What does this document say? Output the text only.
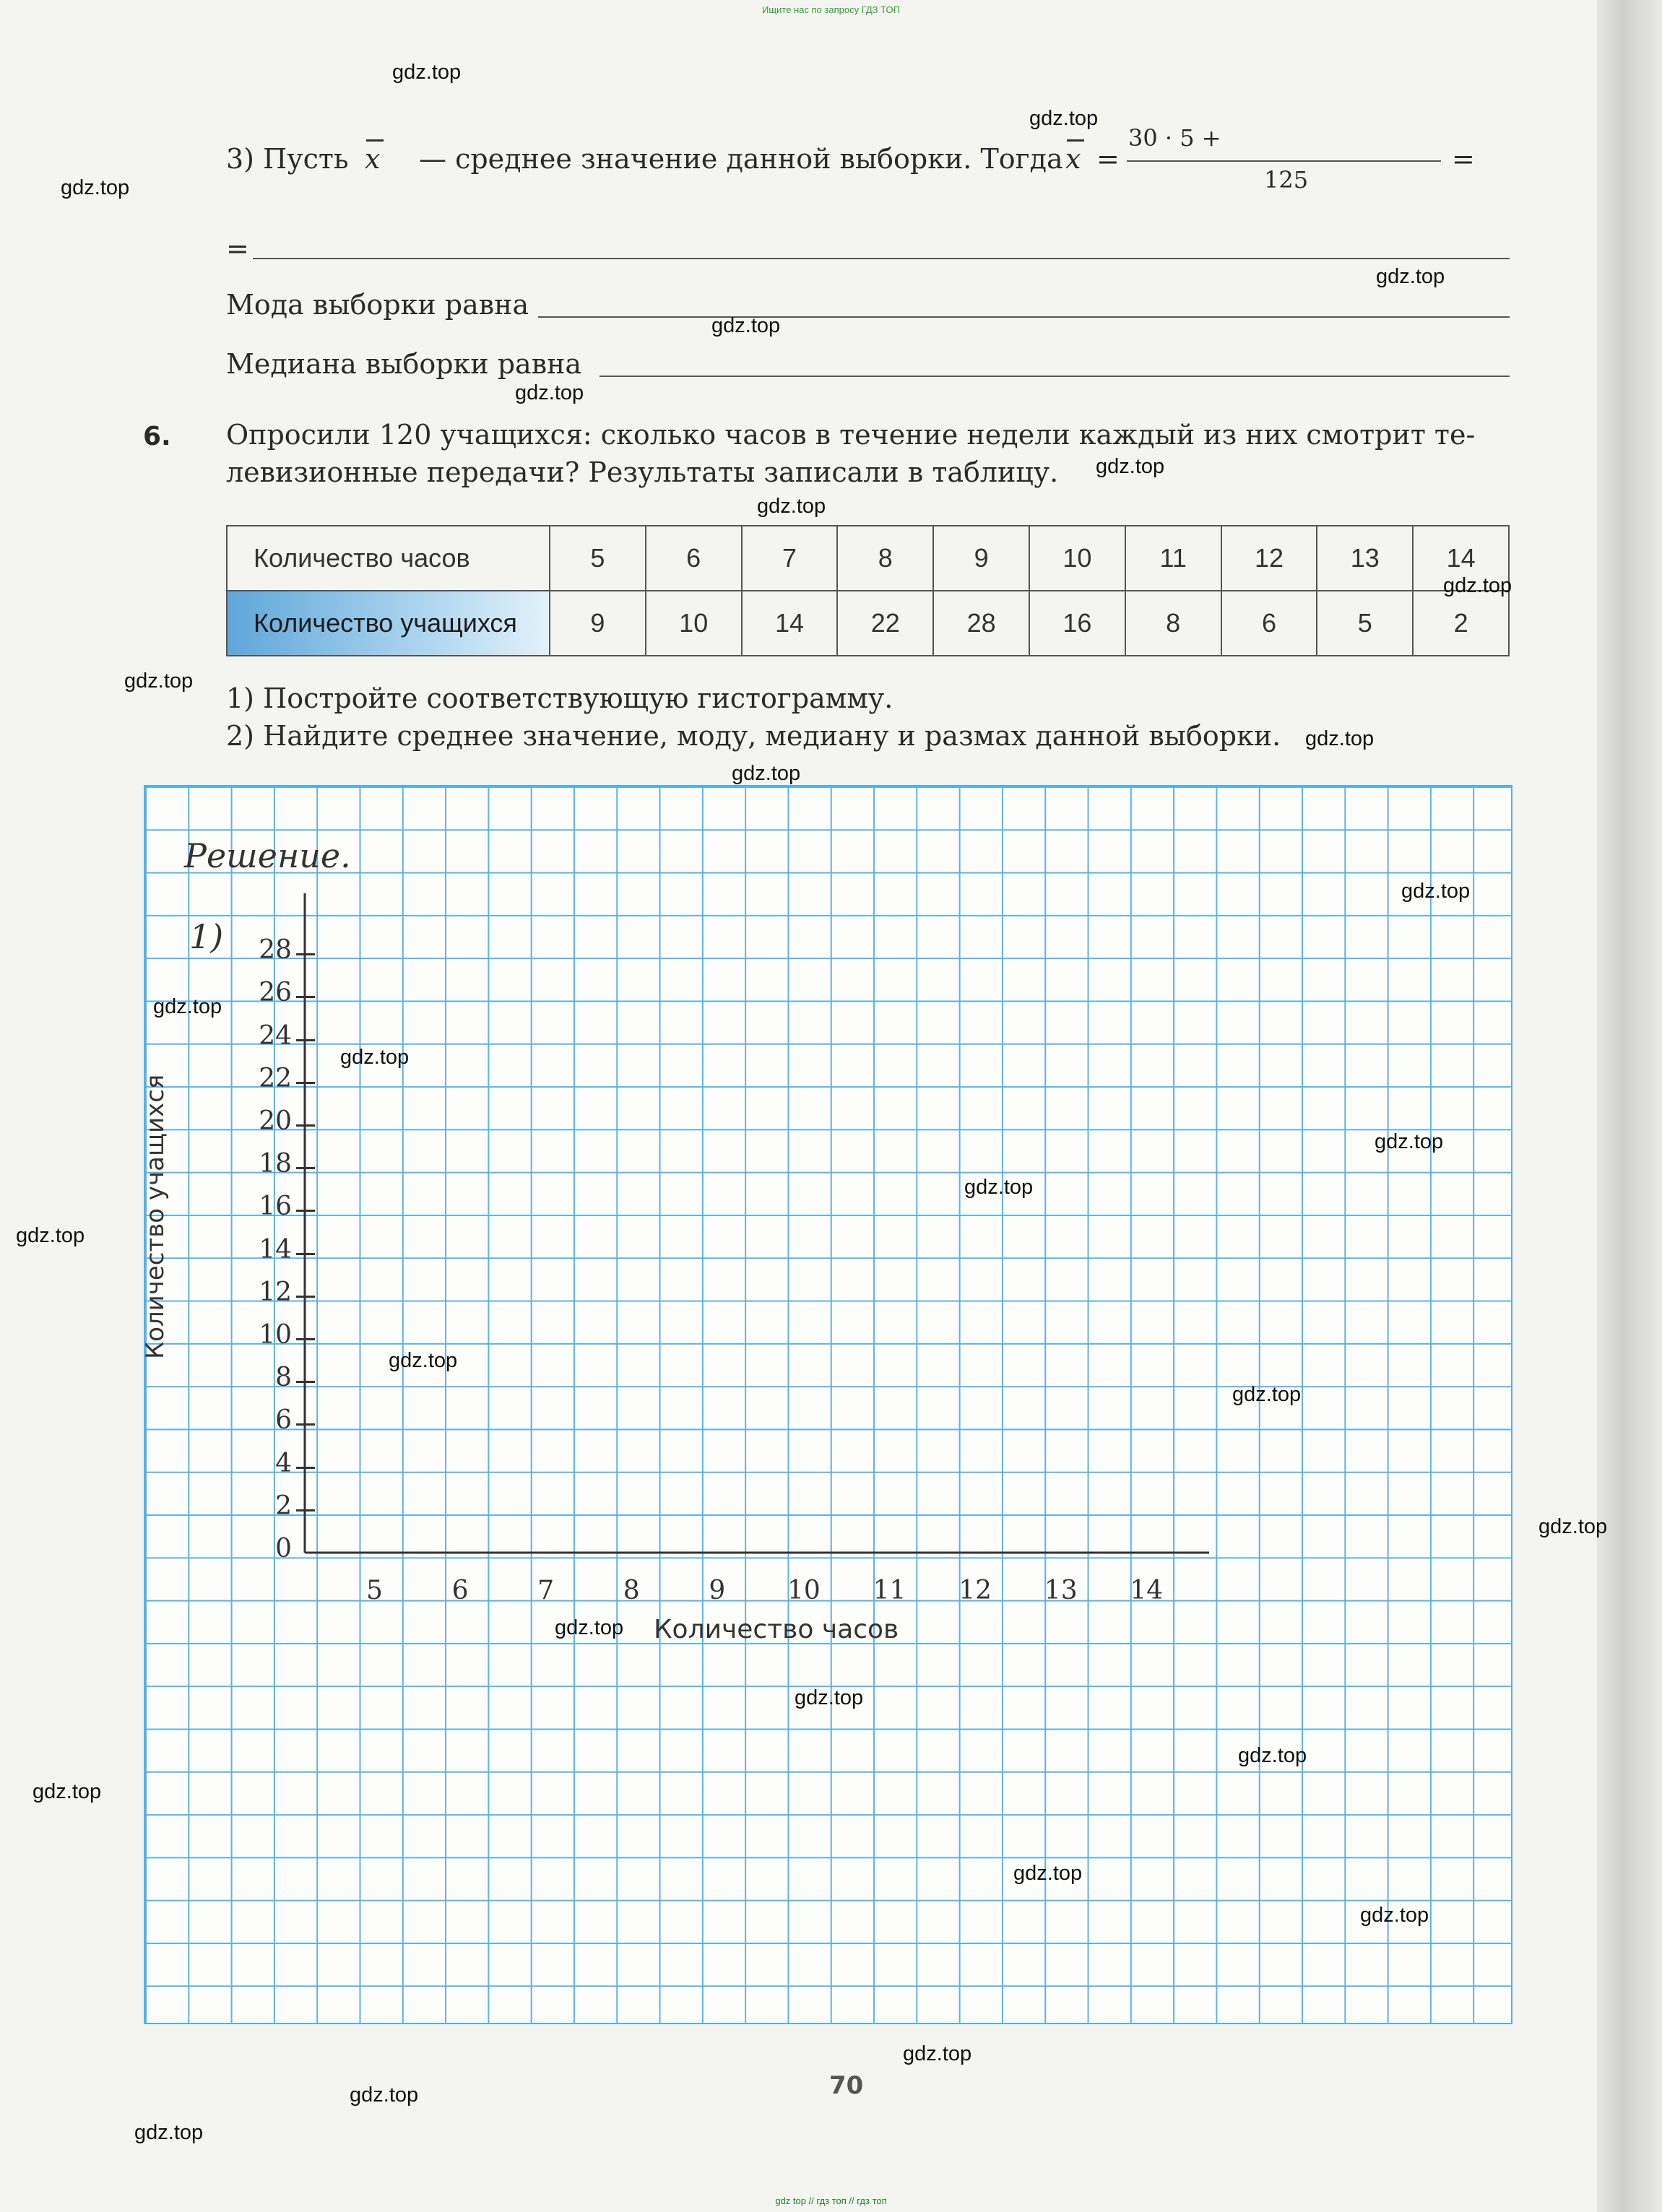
Ищите нас по запросу ГДЗ ТОП
gdz top // гдз топ // гдз топ
3) Пусть x — среднее значение данной выборки. Тогда x =
30 · 5 +
125
=
=
Мода выборки равна
Медиана выборки равна
6. Опросили 120 учащихся: сколько часов в течение недели каждый из них смотрит те-
левизионные передачи? Результаты записали в таблицу.
Количество часов	5	6	7	8	9	10	11	12	13	14
Количество учащихся	9	10	14	22	28	16	8	6	5	2
1) Постройте соответствующую гистограмму.
2) Найдите среднее значение, моду, медиану и размах данной выборки.
Решение.
1)
0
2
4
6
8
10
12
14
16
18
20
22
24
26
28
5	6	7	8	9 10 11 12 13 14
Количество учащихся
Количество часов
70
gdz.top
gdz.top
gdz.top
gdz.top
gdz.top
gdz.top
gdz.top
gdz.top
gdz.top
gdz.top
gdz.top
gdz.top
gdz.top
gdz.top
gdz.top
gdz.top
gdz.top
gdz.top
gdz.top
gdz.top
gdz.top
gdz.top
gdz.top
gdz.top
gdz.top
gdz.top
gdz.top
gdz.top
gdz.top
gdz.top
